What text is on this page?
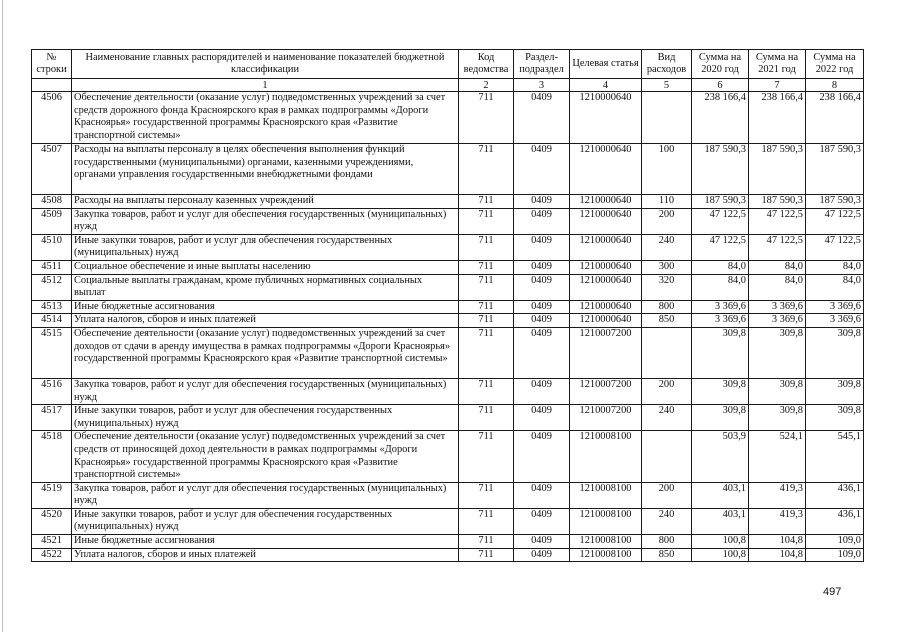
№ строки	Наименование главных распорядителей и наименование показателей бюджетной классификации	Код ведомства	Раздел-подраздел	Целевая статья	Вид расходов	Сумма на 2020 год	Сумма на 2021 год	Сумма на 2022 год
	1	2	3	4	5	6	7	8
4506	Обеспечение деятельности (оказание услуг) подведомственных учреждений за счет средств дорожного фонда Красноярского края в рамках подпрограммы «Дороги Красноярья» государственной программы Красноярского края «Развитие транспортной системы»	711	0409	1210000640		238 166,4	238 166,4	238 166,4
4507	Расходы на выплаты персоналу в целях обеспечения выполнения функций государственными (муниципальными) органами, казенными учреждениями, органами управления государственными внебюджетными фондами	711	0409	1210000640	100	187 590,3	187 590,3	187 590,3
4508	Расходы на выплаты персоналу казенных учреждений	711	0409	1210000640	110	187 590,3	187 590,3	187 590,3
4509	Закупка товаров, работ и услуг для обеспечения государственных (муниципальных) нужд	711	0409	1210000640	200	47 122,5	47 122,5	47 122,5
4510	Иные закупки товаров, работ и услуг для обеспечения государственных (муниципальных) нужд	711	0409	1210000640	240	47 122,5	47 122,5	47 122,5
4511	Социальное обеспечение и иные выплаты населению	711	0409	1210000640	300	84,0	84,0	84,0
4512	Социальные выплаты гражданам, кроме публичных нормативных социальных выплат	711	0409	1210000640	320	84,0	84,0	84,0
4513	Иные бюджетные ассигнования	711	0409	1210000640	800	3 369,6	3 369,6	3 369,6
4514	Уплата налогов, сборов и иных платежей	711	0409	1210000640	850	3 369,6	3 369,6	3 369,6
4515	Обеспечение деятельности (оказание услуг) подведомственных учреждений за счет доходов от сдачи в аренду имущества в рамках подпрограммы «Дороги Красноярья» государственной программы Красноярского края «Развитие транспортной системы»	711	0409	1210007200		309,8	309,8	309,8
4516	Закупка товаров, работ и услуг для обеспечения государственных (муниципальных) нужд	711	0409	1210007200	200	309,8	309,8	309,8
4517	Иные закупки товаров, работ и услуг для обеспечения государственных (муниципальных) нужд	711	0409	1210007200	240	309,8	309,8	309,8
4518	Обеспечение деятельности (оказание услуг) подведомственных учреждений за счет средств от приносящей доход деятельности в рамках подпрограммы «Дороги Красноярья» государственной программы Красноярского края «Развитие транспортной системы»	711	0409	1210008100		503,9	524,1	545,1
4519	Закупка товаров, работ и услуг для обеспечения государственных (муниципальных) нужд	711	0409	1210008100	200	403,1	419,3	436,1
4520	Иные закупки товаров, работ и услуг для обеспечения государственных (муниципальных) нужд	711	0409	1210008100	240	403,1	419,3	436,1
4521	Иные бюджетные ассигнования	711	0409	1210008100	800	100,8	104,8	109,0
4522	Уплата налогов, сборов и иных платежей	711	0409	1210008100	850	100,8	104,8	109,0
497
